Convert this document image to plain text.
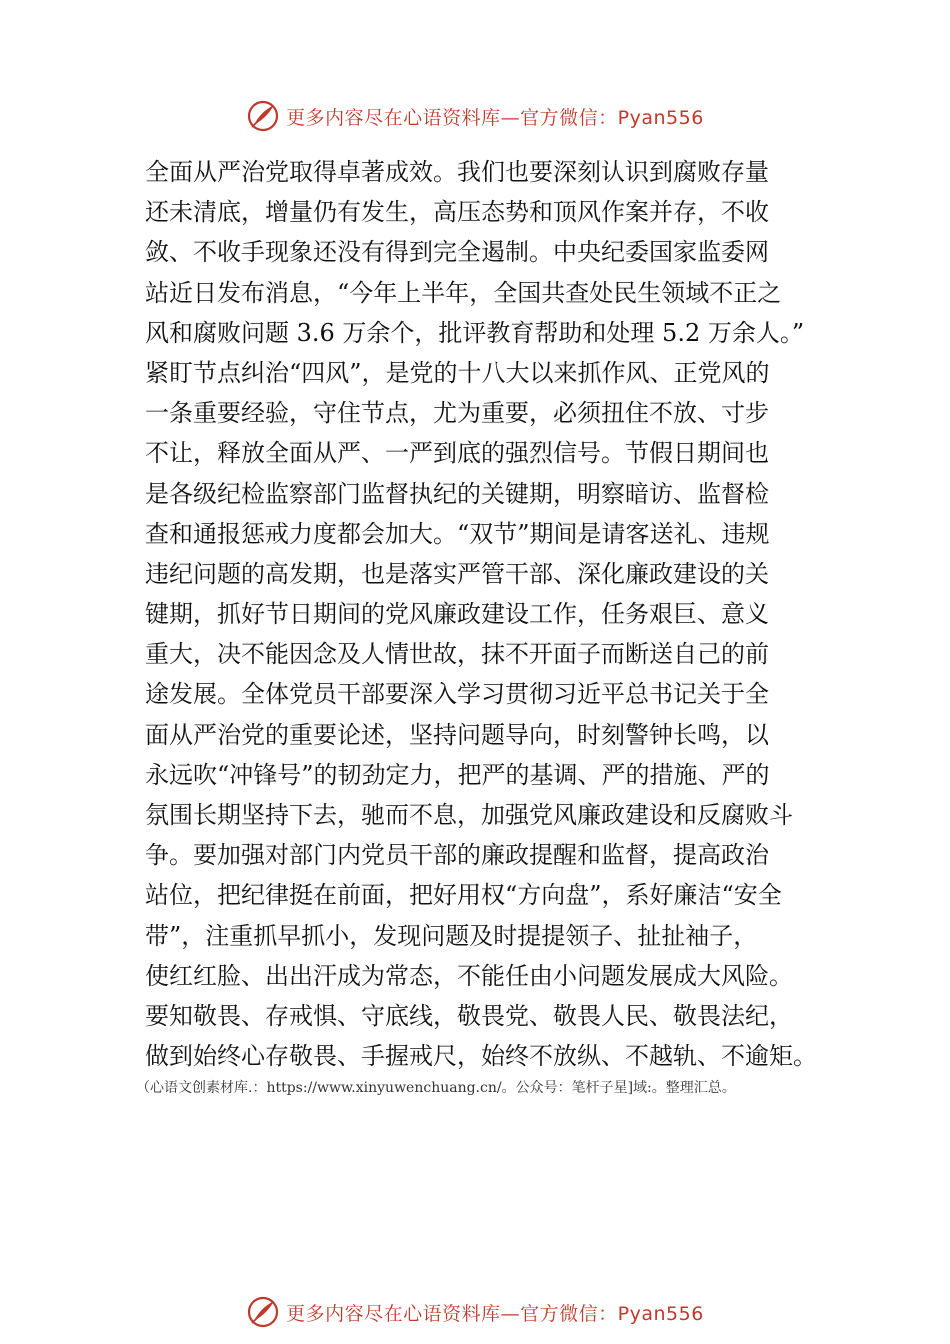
更多内容尽在心语资料库—官方微信：Pyan556
全面从严治党取得卓著成效。我们也要深刻认识到腐败存量
还未清底，增量仍有发生，高压态势和顶风作案并存，不收
敛、不收手现象还没有得到完全遏制。中央纪委国家监委网
站近日发布消息，“今年上半年，全国共查处民生领域不正之
风和腐败问题 3.6 万余个，批评教育帮助和处理 5.2 万余人。”
紧盯节点纠治“四风”，是党的十八大以来抓作风、正党风的
一条重要经验，守住节点，尤为重要，必须扭住不放、寸步
不让，释放全面从严、一严到底的强烈信号。节假日期间也
是各级纪检监察部门监督执纪的关键期，明察暗访、监督检
查和通报惩戒力度都会加大。“双节”期间是请客送礼、违规
违纪问题的高发期，也是落实严管干部、深化廉政建设的关
键期，抓好节日期间的党风廉政建设工作，任务艰巨、意义
重大，决不能因念及人情世故，抹不开面子而断送自己的前
途发展。全体党员干部要深入学习贯彻习近平总书记关于全
面从严治党的重要论述，坚持问题导向，时刻警钟长鸣，以
永远吹“冲锋号”的韧劲定力，把严的基调、严的措施、严的
氛围长期坚持下去，驰而不息，加强党风廉政建设和反腐败斗
争。要加强对部门内党员干部的廉政提醒和监督，提高政治
站位，把纪律挺在前面，把好用权“方向盘”，系好廉洁“安全
带”，注重抓早抓小，发现问题及时提提领子、扯扯袖子，
使红红脸、出出汗成为常态，不能任由小问题发展成大风险。
要知敬畏、存戒惧、守底线，敬畏党、敬畏人民、敬畏法纪，
做到始终心存敬畏、手握戒尺，始终不放纵、不越轨、不逾矩。
（心语文创素材库.：https://www.xinyuwenchuang.cn/。公众号：笔杆子星]域:。整理汇总。
更多内容尽在心语资料库—官方微信：Pyan556
